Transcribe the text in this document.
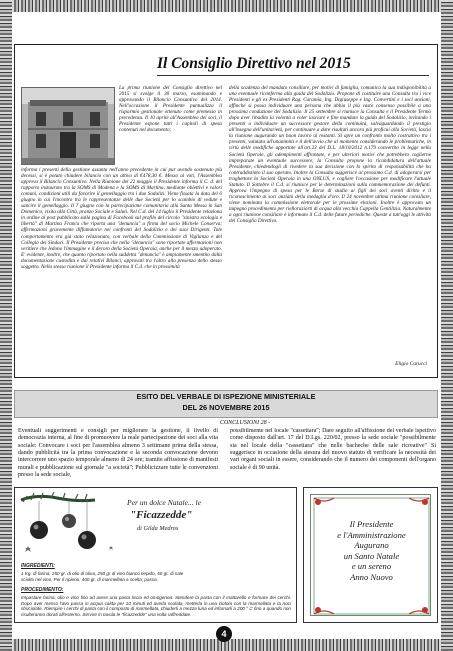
Il Consiglio Direttivo nel 2015
La prima riunione del Consiglio direttivo nel 2015 si svolge il 30 marzo, esaminando e approvando il Bilancio Consuntivo del 2014. Nell'occasione il Presidente puntualizza il risparmio gestionale ottenuto come premesso in precedenza. Il 10 aprile all'Assemblea dei soci, il Presidente espone tutti i capitoli di spesa contenuti nel documento;
informa i presenti della gestione assunta nell'anno precedente in cui pur avendo sostenuto più decessi, si è potuto chiudere bilancio con un attivo di €478,30 €. Messo ai voti, l'Assemblea approva il Bilancio Consuntivo. Nella Riunione del 22 maggio il Presidente informa il C. d. del rapporto instaurato tra la SOMS di Modena e la SOMS di Martina, mediante obiettivi e valori comuni, condizioni utili da favorire il gemellaggio tra i due Sodalizi. Viene fissata la data del 6 giugno in cui l'incontro tra le rappresentanze delle due Società per lo scambio di vedute e sancire il gemellaggio. Il 7 giugno con la partecipazione comunitaria alla Santa Messa in San Domenico, visita alla Città, pranzo Sociale e Saluti. Nel C.d. del 14 luglio il Presidente relaziona in ordine al post pubblicato sulla pagina di Facebook sul profilo del circolo "sinistra ecologia e libertà" di Martina Franca che riporta una "denuncia" a firma del socio Michele Conserva; affermazioni gravemente diffamatorie nei confronti del Sodalizio e dei suoi Dirigenti. Tale comportamento era già stato relazionato, con verbale della Commissione di Vigilanza e del Collegio dei Sindaci. Il Presidente precisa che nella "denuncia" sono riportate affermazioni non veritiere che ledono l'immagine e il decoro della Società Operaia, anche per il mezzo adoperato. E' evidente, inoltre, che quanto riportato nella suddetta "denuncia" è ampiamente smentito dalla documentazione custodita e dai relativi Bilanci, approvati tra l'altro alla presenza dello stesso soggetto. Nella stessa riunione il Presidente informa il C.d. che in prossimità
della scadenza del mandato consiliare, per motivi di famiglia, comunica la sua indisponibilità a una eventuale riconferma alla guida del Sodalizio. Propone di costituire una Consulta tra i vice Presidenti e gli ex Presidenti Rag. Caramia, Ing. Digiuseppe e Ing. Convertini e i soci anziani, affinché si possa individuare una persona che abbia il più vasto consenso possibile a una prossima conduzione del Sodalizio. Il 25 settembre si riunisce la Consulta e il Presidente Termò dopo aver ribadito la volontà a voler lasciare e fine mandato la guida del Sodalizio, invitando i presenti a individuare un successore gestore della continuità, salvaguardando il prestigio all'insegna dell'unitarietà, per continuare a dare risultati ancora più proficui alla Società, lascia la riunione augurando un buon lavoro ai restanti. Si apre un confronto molto costruttivo tra i presenti, valutata all'unanimità e il dell'avvio che al momento considerando le problematiche, in virtù delle modifiche apportate all'art.23 del D.L. 18/10/2012 n.179 convertito in legge nella Società Operaie, gli adempimenti affrontate, e per ulteriori motivi che potrebbero coglierne impreparate un eventuale successore, la Consulta propone la ricandidatura dell'attuale Presidente, chiedendogli di rivedere la sua decisione con lo spirito di responsabilità che ha contraddistinto il suo operato. Inoltre la Consulta suggerisce al prossimo C.d. di adoperarsi per traghettare la Società Operaia in una ONLUS, e cogliere l'occasione per modificare l'attuale Statuto. Il Sottobre il C.d. si riunisce per le determinazioni sulla commemorazione dei defunti. Approva l'impegno di spesa per le Borse di studio ai figli dei soci aventi diritto e il riconoscimento ai soci anziani della medaglia d'oro. Il 24 novembre ultima riunione consiliare, viene nominata la commissione elettorale per le prossime elezioni. Inoltre è approvato un impegno procedimento per rielloraziorti di acqua alla vecchia Cappella Gentilizia. Naturalmente a ogni riunione consiliare è informato il C.d. delle future periodiche. Queste a tutt'oggi le attività del Consiglio Direttivo.
Eligio Carucci
ESITO DEL VERBALE DI ISPEZIONE MINISTERIALE
DEL 26 NOVEMBRE 2015
CONCLUSIONI 28 -
Eventuali suggerimenti e consigli per migliorare la gestione, il livello di democrazia interna, al fine di promuovere la reale partecipazione dei soci alla vita sociale: Convocare i soci per l'assemblea almeno 3 settimane prima della stessa, dando pubblicità tra la prima convocazione e la seconda convocazione devono intercorrere uno spazio temporale almeno di 24 ore; tramite affissione di manifesti murali e pubblicazione sul giornale "a società"; Pubblicizzare tutte le convenzioni presso la sede sociale,
possibilmente nel locale "cassettara"; Dare seguito all'affissione del verbale ispettivo come disposto dall'art. 17 del D.Lgs. 220/02, presso la sede sociale "possibilmente sia nel locale della "cassettara" che nelle bacheche delle sale ricreative" Si suggerisce in occasione della stesura del nuovo statuto di verificare la necessità dei vari organi sociali in essere, considerando che il numero dei componenti dell'organo sociale è di 90 unità.
Per un dolce Natale... le
"Ficazzedde"
di Gilda Medros
INGREDIENTI:
1 Kg. di farina, 250 gr. di olio di oliva, 250 gr di vino bianco tiepido, 50 gr. di sale sciolto nel vino. Per il ripieno: 400 gr. di marmellata a scelta; passa.
PROCEDIMENTO:
Impastare farina, olio e vino fino ad avere una pasta liscia ed omogenea. Stendere la pasta con il mattarello e formare dei cerchi. Dopo aver messo l'avo passa in acqua calda per 10 minuti ed averla scolata, metterla in una ciotola con la marmellata e la noci sbriciolate. Riempire i cerchi di pasta con il composto di marmellata, chiuderli a mezza luna ed infornarli a 200 ° C fino a quando non risulteranno dorati all'esterno. Servire in tavola le "ficazzedde" una volta raffreddate.
Il Presidente
e l'Amministrazione
Augurano
un Santo Natale
e un sereno
Anno Nuovo
4
